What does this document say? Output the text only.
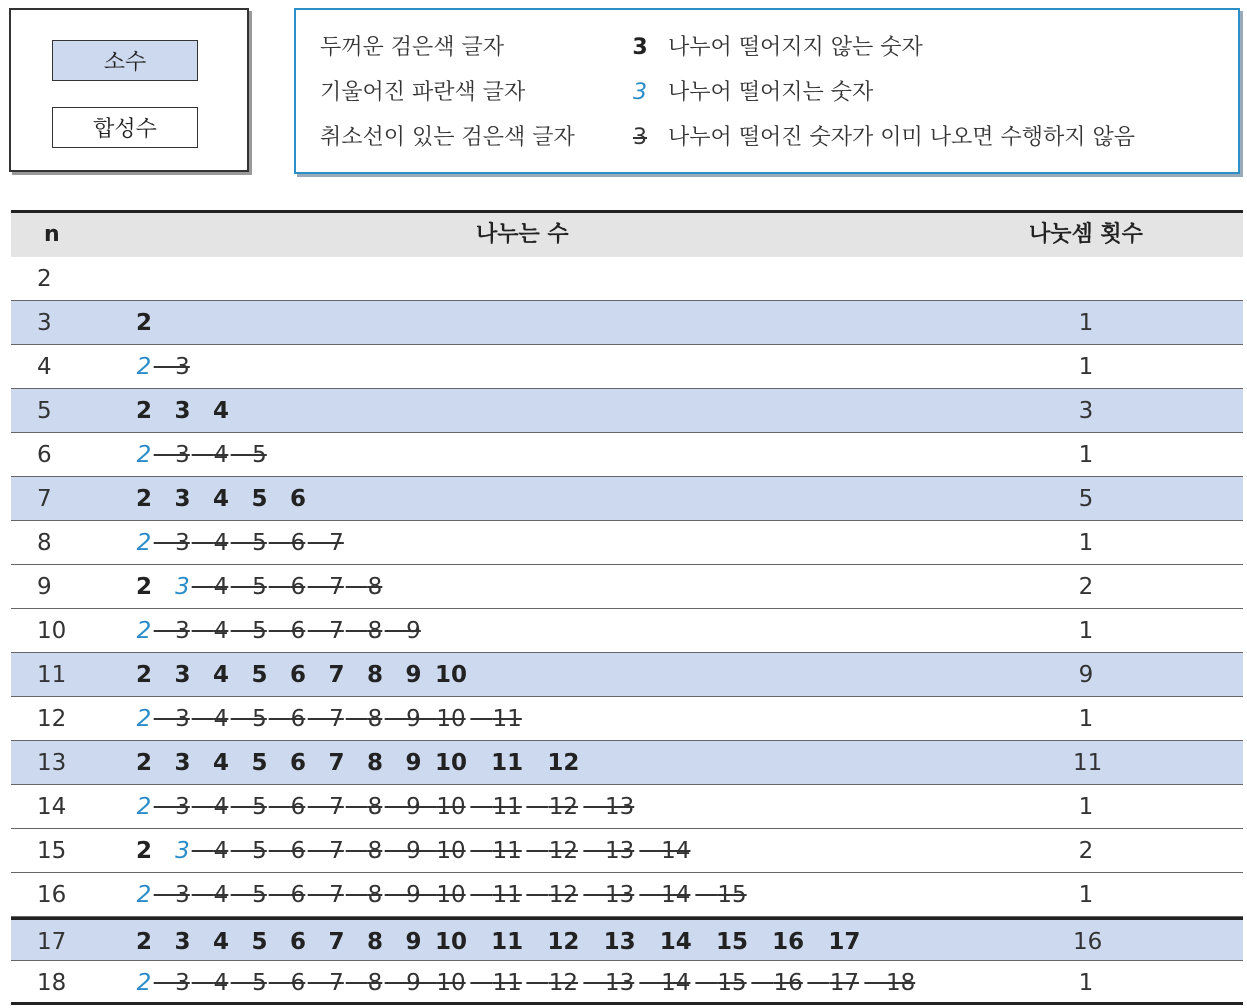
소수
합성수
두꺼운 검은색 글자	3 나누어 떨어지지 않는 숫자
기울어진 파란색 글자	3 나누어 떨어지는 숫자
취소선이 있는 검은색 글자	3 나누어 떨어진 숫자가 이미 나오면 수행하지 않음
n	나누는 수	나눗셈 횟수
2
3	2	1
4	2 3	1
5	2 3 4	3
6	2 3 4 5	1
7	2 3 4 5 6	5
8	2 3 4 5 6 7	1
9	2 3 4 5 6 7 8	2
10	2 3 4 5 6 7 8 9	1
11	2 3 4 5 6 7 8 9 10	9
12	2 3 4 5 6 7 8 9 10 11	1
13	2 3 4 5 6 7 8 9 10 11 12	11
14	2 3 4 5 6 7 8 9 10 11 12 13	1
15	2 3 4 5 6 7 8 9 10 11 12 13 14	2
16	2 3 4 5 6 7 8 9 10 11 12 13 14 15	1
17	2 3 4 5 6 7 8 9 10 11 12 13 14 15 16 17	16
18	2 3 4 5 6 7 8 9 10 11 12 13 14 15 16 17 18	1
